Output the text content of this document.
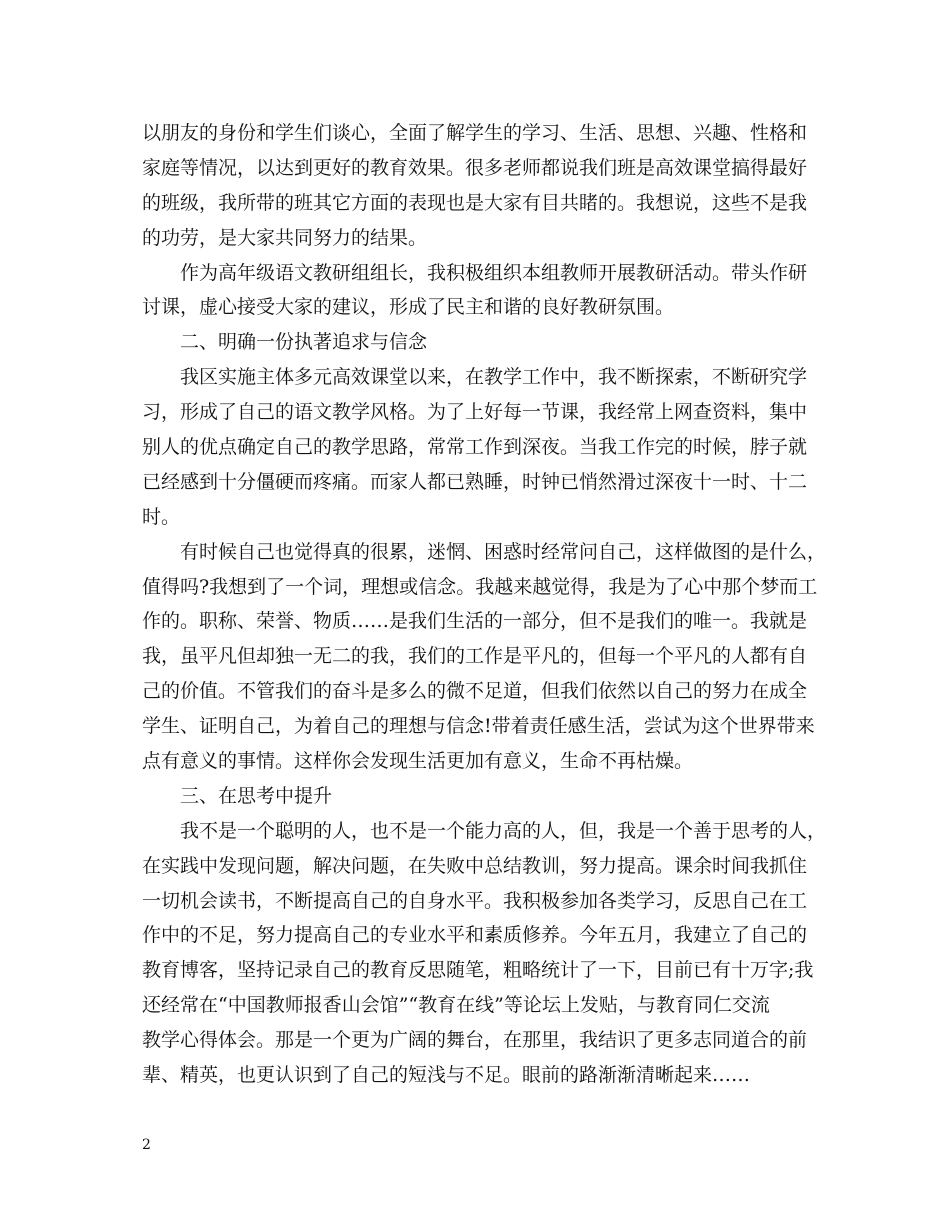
以朋友的身份和学生们谈心，全面了解学生的学习、生活、思想、兴趣、性格和
家庭等情况，以达到更好的教育效果。很多老师都说我们班是高效课堂搞得最好
的班级，我所带的班其它方面的表现也是大家有目共睹的。我想说，这些不是我
的功劳，是大家共同努力的结果。
作为高年级语文教研组组长，我积极组织本组教师开展教研活动。带头作研
讨课，虚心接受大家的建议，形成了民主和谐的良好教研氛围。
二、明确一份执著追求与信念
我区实施主体多元高效课堂以来，在教学工作中，我不断探索，不断研究学
习，形成了自己的语文教学风格。为了上好每一节课，我经常上网查资料，集中
别人的优点确定自己的教学思路，常常工作到深夜。当我工作完的时候，脖子就
已经感到十分僵硬而疼痛。而家人都已熟睡，时钟已悄然滑过深夜十一时、十二
时。
有时候自己也觉得真的很累，迷惘、困惑时经常问自己，这样做图的是什么，
值得吗?我想到了一个词，理想或信念。我越来越觉得，我是为了心中那个梦而工
作的。职称、荣誉、物质……是我们生活的一部分，但不是我们的唯一。我就是
我，虽平凡但却独一无二的我，我们的工作是平凡的，但每一个平凡的人都有自
己的价值。不管我们的奋斗是多么的微不足道，但我们依然以自己的努力在成全
学生、证明自己，为着自己的理想与信念!带着责任感生活，尝试为这个世界带来
点有意义的事情。这样你会发现生活更加有意义，生命不再枯燥。
三、在思考中提升
我不是一个聪明的人，也不是一个能力高的人，但，我是一个善于思考的人，
在实践中发现问题，解决问题，在失败中总结教训，努力提高。课余时间我抓住
一切机会读书，不断提高自己的自身水平。我积极参加各类学习，反思自己在工
作中的不足，努力提高自己的专业水平和素质修养。今年五月，我建立了自己的
教育博客，坚持记录自己的教育反思随笔，粗略统计了一下，目前已有十万字;我
还经常在“中国教师报香山会馆”“教育在线”等论坛上发贴，与教育同仁交流
教学心得体会。那是一个更为广阔的舞台，在那里，我结识了更多志同道合的前
辈、精英，也更认识到了自己的短浅与不足。眼前的路渐渐清晰起来……
2
